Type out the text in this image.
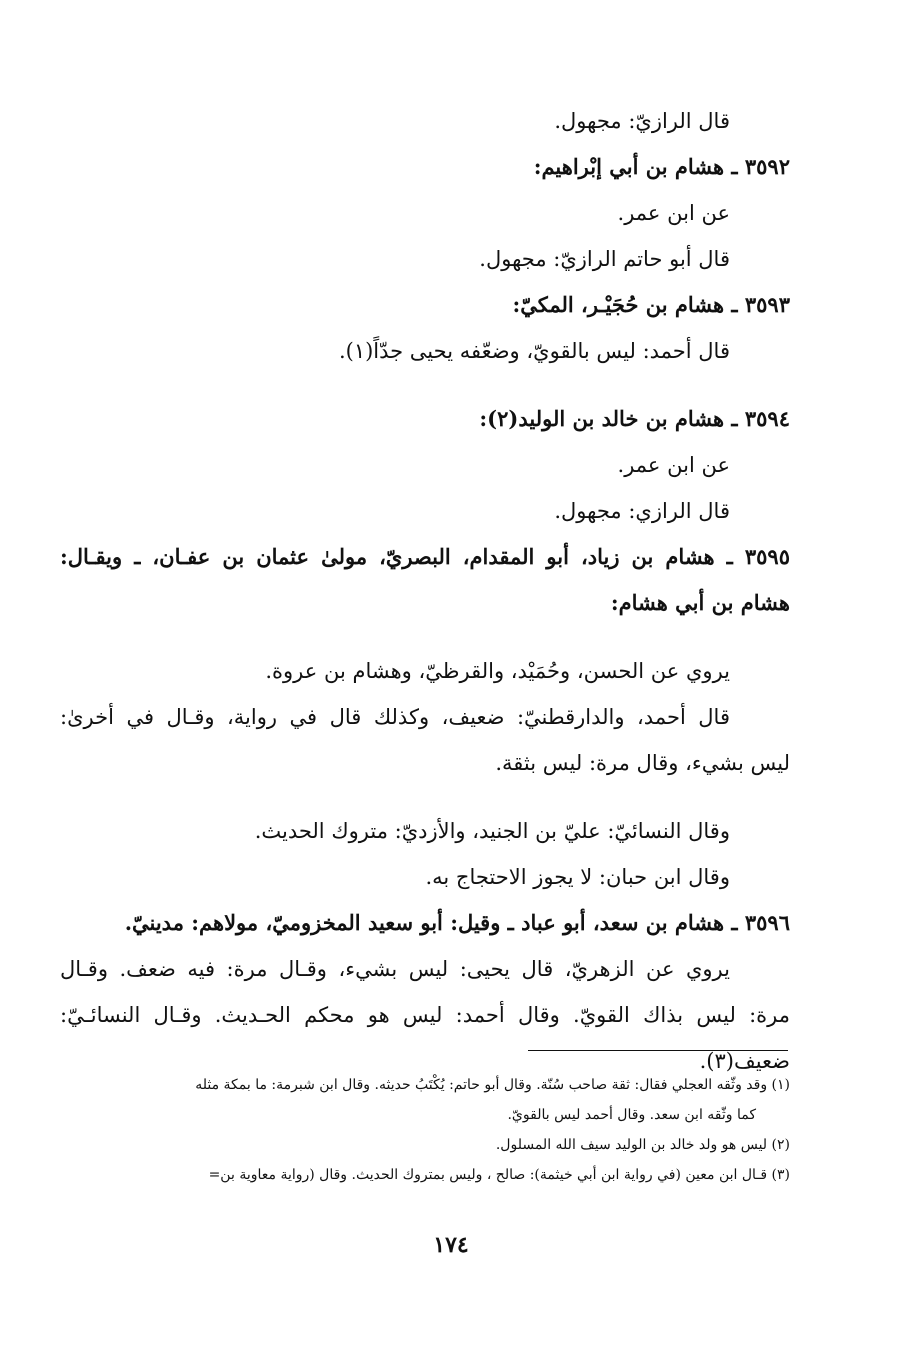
قال الرازيّ: مجهول.
٣٥٩٢ ـ هشام بن أبي إبْراهيم:
عن ابن عمر.
قال أبو حاتم الرازيّ: مجهول.
٣٥٩٣ ـ هشام بن حُجَيْـر، المكيّ:
قال أحمد: ليس بالقويّ، وضعّفه يحيى جدّاً(١).
٣٥٩٤ ـ هشام بن خالد بن الوليد(٢):
عن ابن عمر.
قال الرازي: مجهول.
٣٥٩٥ ـ هشام بن زياد، أبو المقدام، البصريّ، مولىٰ عثمان بن عفـان، ـ ويقـال:
هشام بن أبي هشام:
يروي عن الحسن، وحُمَيْد، والقرظيّ، وهشام بن عروة.
قال أحمد، والدارقطنيّ: ضعيف، وكذلك قال في رواية، وقـال في أخرىٰ:
ليس بشيء، وقال مرة: ليس بثقة.
وقال النسائيّ: عليّ بن الجنيد، والأزديّ: متروك الحديث.
وقال ابن حبان: لا يجوز الاحتجاج به.
٣٥٩٦ ـ هشام بن سعد، أبو عباد ـ وقيل: أبو سعيد المخزوميّ، مولاهم: مدينيّ.
يروي عن الزهريّ، قال يحيى: ليس بشيء، وقـال مرة: فيه ضعف. وقـال
مرة: ليس بذاك القويّ. وقال أحمد: ليس هو محكم الحـديث. وقـال النسائـيّ:
ضعيف(٣).
(١) وقد وثّقه العجلي فقال: ثقة صاحب سُنّة. وقال أبو حاتم: يُكْتَبُ حديثه. وقال ابن شبرمة: ما بمكة مثله
كما وثّقه ابن سعد. وقال أحمد ليس بالقويّ.
(٢) ليس هو ولد خالد بن الوليد سيف الله المسلول.
(٣) قـال ابن معين (في رواية ابن أبي خيثمة): صالح ، وليس بمتروك الحديث. وقال (رواية معاوية بن=
١٧٤
